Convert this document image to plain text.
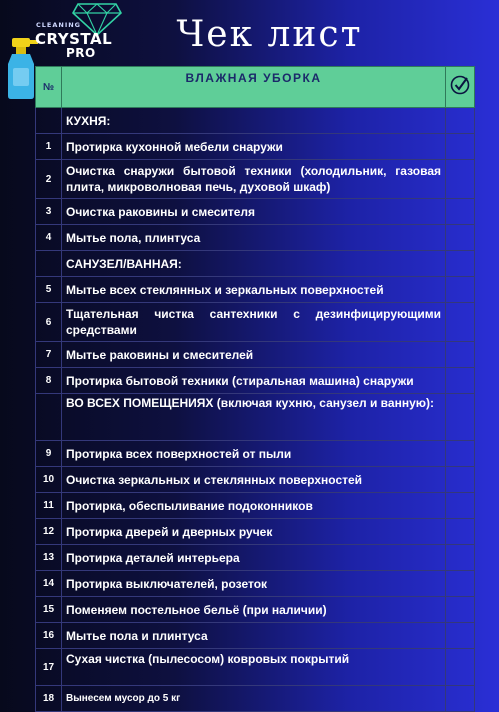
CLEANING
CRYSTAL
PRO	Чек лист
№	ВЛАЖНАЯ УБОРКА	
	КУХНЯ:	
1	Протирка кухонной мебели снаружи	
2	Очистка снаружи бытовой техники (холодильник, газовая плита, микроволновая печь, духовой шкаф)	
3	Очистка раковины и смесителя	
4	Мытье пола, плинтуса	
	САНУЗЕЛ/ВАННАЯ:	
5	Мытье всех стеклянных и зеркальных поверхностей	
6	Тщательная чистка сантехники с дезинфицирующими средствами	
7	Мытье раковины и смесителей	
8	Протирка бытовой техники (стиральная машина) снаружи	
	ВО ВСЕХ ПОМЕЩЕНИЯХ (включая кухню, санузел и ванную):	
9	Протирка всех поверхностей от пыли	
10	Очистка зеркальных и стеклянных поверхностей	
11	Протирка, обеспыливание подоконников	
12	Протирка дверей и дверных ручек	
13	Протирка деталей интерьера	
14	Протирка выключателей, розеток	
15	Поменяем постельное бельё (при наличии)	
16	Мытье пола и плинтуса	
17	Сухая чистка (пылесосом) ковровых покрытий	
18	Вынесем мусор до 5 кг	
